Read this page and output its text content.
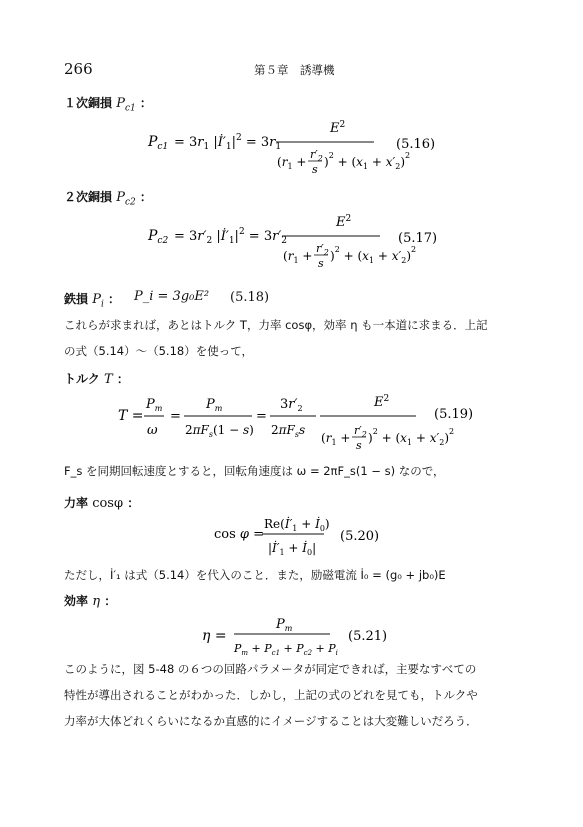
266	第５章　誘導機
１次銅損 $P_{c1}$ ：
$P_{c1} = 3r_1$ $|İ'_1|^2 = 3r_1$
$E^2$
($r_1$ +
$r'_2$
s
)$^2 + (x_1 + x'_2)^2$
(5.16)
２次銅損 $P_{c2}$ ：
$P_{c2} = 3r'_2$ $|İ'_1|^2 = 3r'_2$
$E^2$
($r_1$ +
$r'_2$
s
)$^2 + (x_1 + x'_2)^2$
(5.17)
鉄損 $P_i$ ： P_i = 3g₀E² (5.18)
これらが求まれば，あとはトルク T，力率 cosφ，効率 η も一本道に求まる．上記
の式（5.14）〜（5.18）を使って，
トルク T ：
T =
$P_m$
ω
=
$P_m$
$2\pi F_s(1 - s)$
=
$3r'_2$
$2\pi F_ss$
$E^2$
($r_1$ +
$r'_2$
s
)$^2 + (x_1 + x'_2)^2$
(5.19)
F_s を同期回転速度とすると，回転角速度は ω = 2πF_s(1 − s) なので，
力率 cosφ ：
cos φ =
$Re(İ'_1$ + $İ_0$)
$|İ'_1$ + $İ_0|$
(5.20)
ただし，İ′₁ は式（5.14）を代入のこと．また，励磁電流 İ₀ = (g₀ + jb₀)E
効率 η ：
η =
$P_m$
$P_m + P_{c1} + P_{c2} + P_i$
(5.21)
このように，図 5-48 の６つの回路パラメータが同定できれば，主要なすべての
特性が導出されることがわかった．しかし，上記の式のどれを見ても，トルクや
力率が大体どれくらいになるか直感的にイメージすることは大変難しいだろう．
